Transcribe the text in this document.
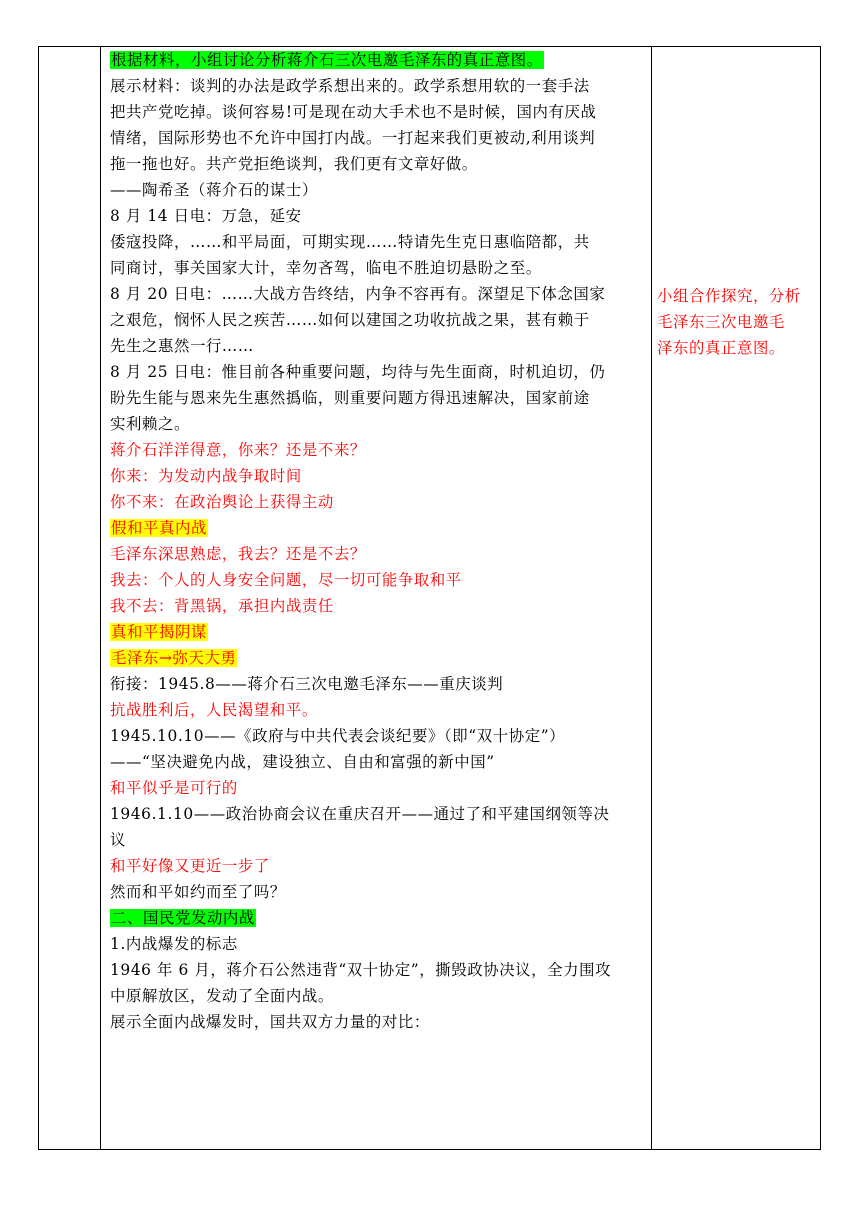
根据材料，小组讨论分析蒋介石三次电邀毛泽东的真正意图。
展示材料：谈判的办法是政学系想出来的。政学系想用软的一套手法
把共产党吃掉。谈何容易!可是现在动大手术也不是时候，国内有厌战
情绪，国际形势也不允许中国打内战。一打起来我们更被动,利用谈判
拖一拖也好。共产党拒绝谈判，我们更有文章好做。
——陶希圣（蒋介石的谋士）
8 月 14 日电：万急，延安
倭寇投降，……和平局面，可期实现……特请先生克日惠临陪都，共
同商讨，事关国家大计，幸勿吝驾，临电不胜迫切悬盼之至。
8 月 20 日电：……大战方告终结，内争不容再有。深望足下体念国家
之艰危，悯怀人民之疾苦……如何以建国之功收抗战之果，甚有赖于
先生之惠然一行……
8 月 25 日电：惟目前各种重要问题，均待与先生面商，时机迫切，仍
盼先生能与恩来先生惠然撝临，则重要问题方得迅速解决，国家前途
实利赖之。
蒋介石洋洋得意，你来？还是不来？
你来：为发动内战争取时间
你不来：在政治舆论上获得主动
假和平真内战
毛泽东深思熟虑，我去？还是不去？
我去：个人的人身安全问题，尽一切可能争取和平
我不去：背黑锅，承担内战责任
真和平揭阴谋
毛泽东→弥天大勇
衔接：1945.8——蒋介石三次电邀毛泽东——重庆谈判
抗战胜利后，人民渴望和平。
1945.10.10——《政府与中共代表会谈纪要》（即“双十协定”）
——“坚决避免内战，建设独立、自由和富强的新中国”
和平似乎是可行的
1946.1.10——政治协商会议在重庆召开——通过了和平建国纲领等决
议
和平好像又更近一步了
然而和平如约而至了吗？
二、国民党发动内战
1.内战爆发的标志
1946 年 6 月，蒋介石公然违背“双十协定”，撕毁政协决议，全力围攻
中原解放区，发动了全面内战。
展示全面内战爆发时，国共双方力量的对比：
小组合作探究，分析
毛泽东三次电邀毛
泽东的真正意图。
